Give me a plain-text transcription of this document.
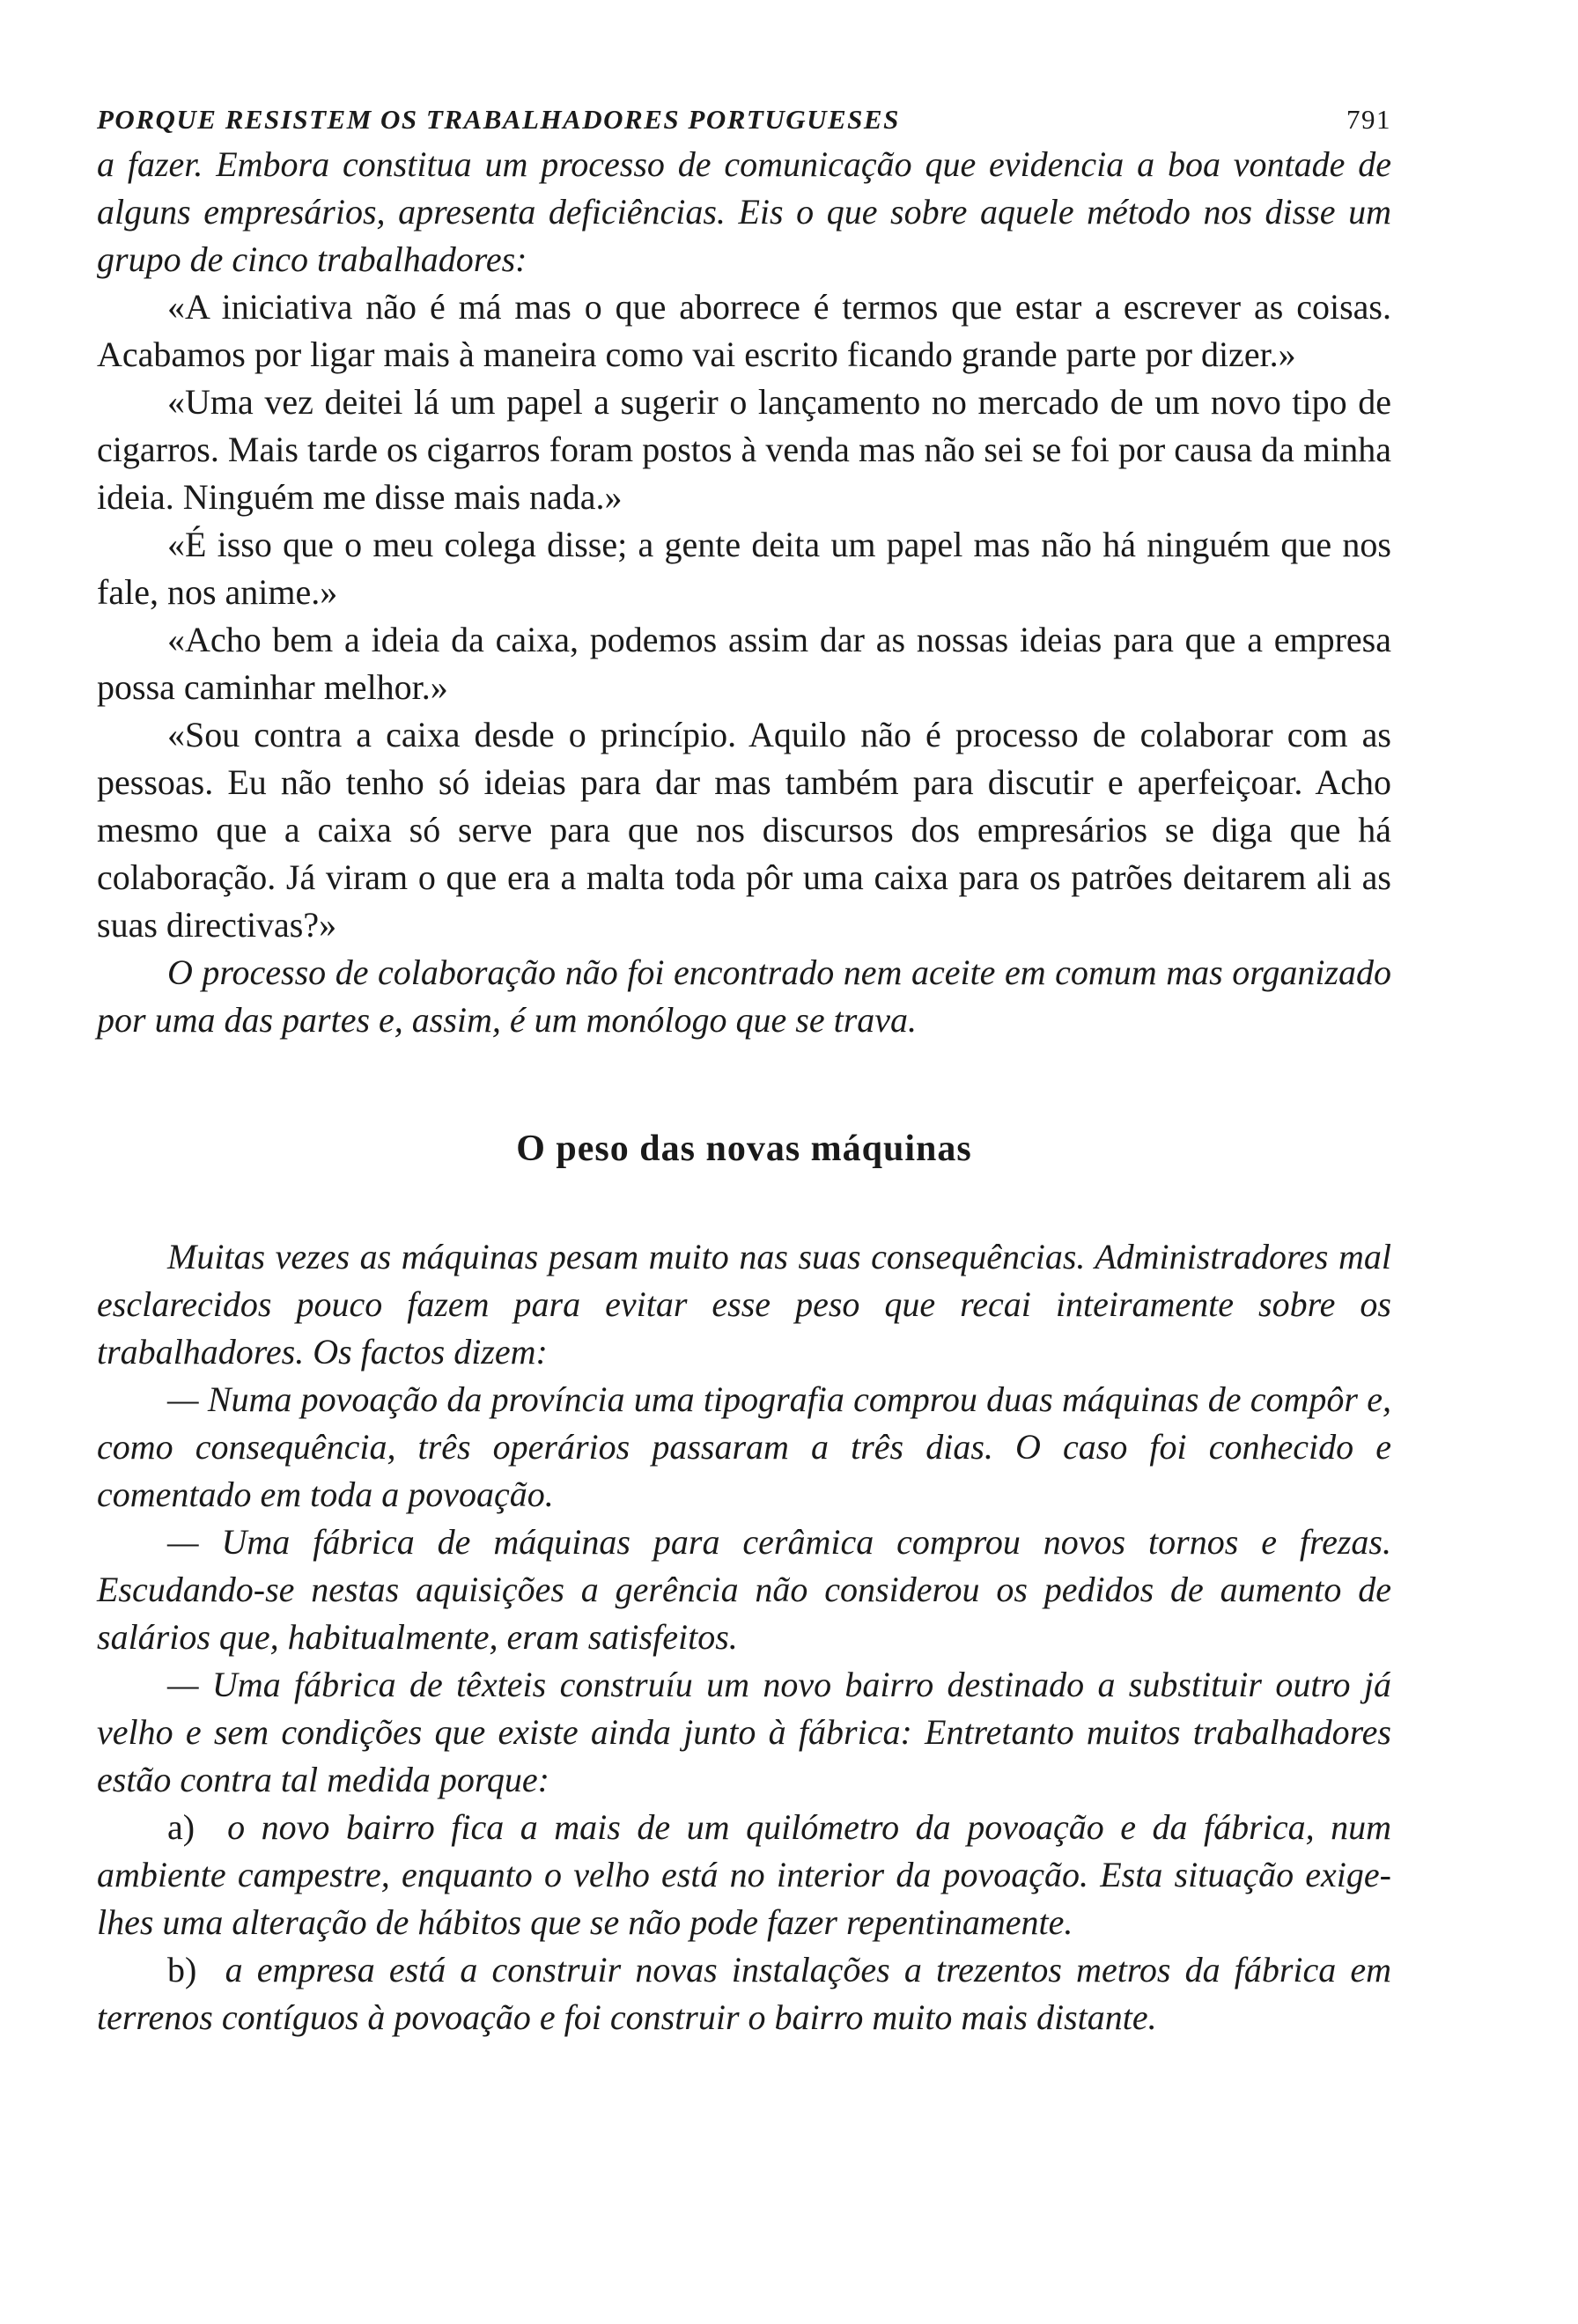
PORQUE RESISTEM OS TRABALHADORES PORTUGUESES	791

a fazer. Embora constitua um processo de comunicação que evidencia a boa vontade de alguns empresários, apresenta deficiências. Eis o que sobre aquele método nos disse um grupo de cinco trabalhadores:

«A iniciativa não é má mas o que aborrece é termos que estar a escrever as coisas. Acabamos por ligar mais à maneira como vai escrito ficando grande parte por dizer.»

«Uma vez deitei lá um papel a sugerir o lançamento no mercado de um novo tipo de cigarros. Mais tarde os cigarros foram postos à venda mas não sei se foi por causa da minha ideia. Ninguém me disse mais nada.»

«É isso que o meu colega disse; a gente deita um papel mas não há ninguém que nos fale, nos anime.»

«Acho bem a ideia da caixa, podemos assim dar as nossas ideias para que a empresa possa caminhar melhor.»

«Sou contra a caixa desde o princípio. Aquilo não é processo de colaborar com as pessoas. Eu não tenho só ideias para dar mas também para discutir e aperfeiçoar. Acho mesmo que a caixa só serve para que nos discursos dos empresários se diga que há colaboração. Já viram o que era a malta toda pôr uma caixa para os patrões deitarem ali as suas directivas?»

O processo de colaboração não foi encontrado nem aceite em comum mas organizado por uma das partes e, assim, é um monólogo que se trava.

O peso das novas máquinas

Muitas vezes as máquinas pesam muito nas suas consequências. Administradores mal esclarecidos pouco fazem para evitar esse peso que recai inteiramente sobre os trabalhadores. Os factos dizem:

— Numa povoação da província uma tipografia comprou duas máquinas de compôr e, como consequência, três operários passaram a três dias. O caso foi conhecido e comentado em toda a povoação.

— Uma fábrica de máquinas para cerâmica comprou novos tornos e frezas. Escudando-se nestas aquisições a gerência não considerou os pedidos de aumento de salários que, habitualmente, eram satisfeitos.

— Uma fábrica de têxteis construíu um novo bairro destinado a substituir outro já velho e sem condições que existe ainda junto à fábrica: Entretanto muitos trabalhadores estão contra tal medida porque:

a) o novo bairro fica a mais de um quilómetro da povoação e da fábrica, num ambiente campestre, enquanto o velho está no interior da povoação. Esta situação exige-lhes uma alteração de hábitos que se não pode fazer repentinamente.

b) a empresa está a construir novas instalações a trezentos metros da fábrica em terrenos contíguos à povoação e foi construir o bairro muito mais distante.
